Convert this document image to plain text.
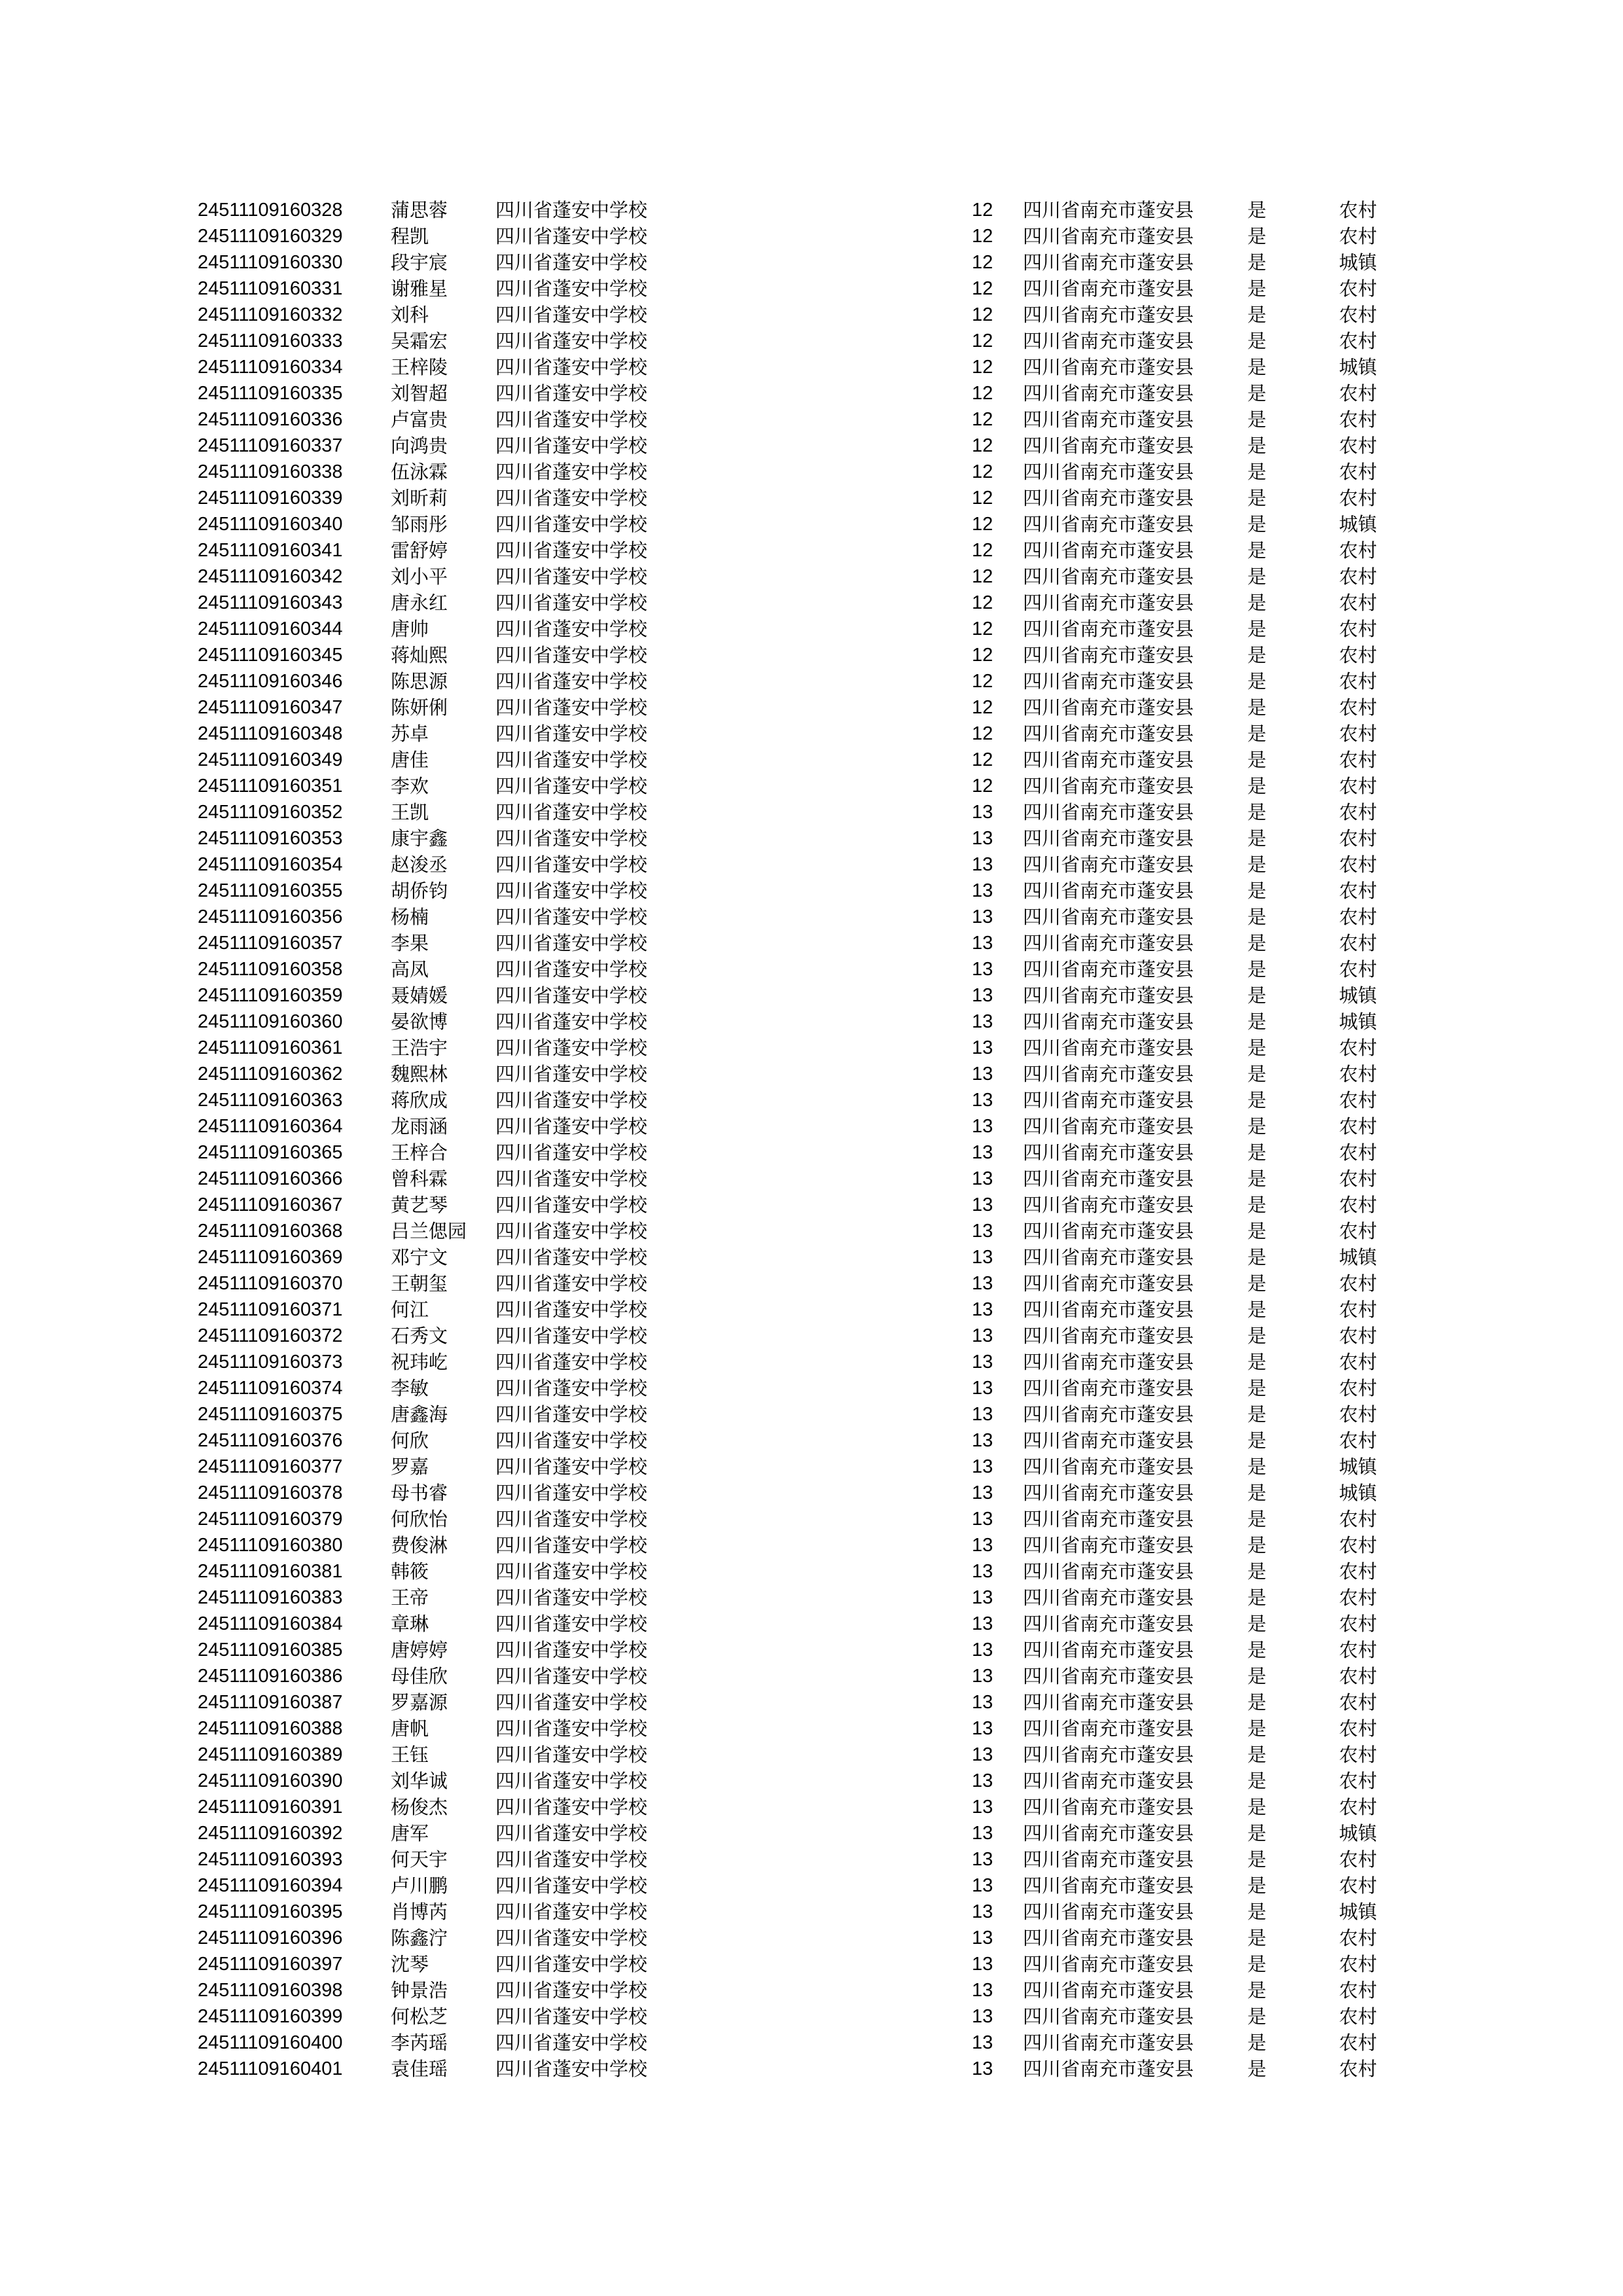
24511109160328	蒲思蓉	四川省蓬安中学校	12	四川省南充市蓬安县	是	农村
24511109160329	程凯	四川省蓬安中学校	12	四川省南充市蓬安县	是	农村
24511109160330	段宇宸	四川省蓬安中学校	12	四川省南充市蓬安县	是	城镇
24511109160331	谢雅星	四川省蓬安中学校	12	四川省南充市蓬安县	是	农村
24511109160332	刘科	四川省蓬安中学校	12	四川省南充市蓬安县	是	农村
24511109160333	吴霜宏	四川省蓬安中学校	12	四川省南充市蓬安县	是	农村
24511109160334	王梓陵	四川省蓬安中学校	12	四川省南充市蓬安县	是	城镇
24511109160335	刘智超	四川省蓬安中学校	12	四川省南充市蓬安县	是	农村
24511109160336	卢富贵	四川省蓬安中学校	12	四川省南充市蓬安县	是	农村
24511109160337	向鸿贵	四川省蓬安中学校	12	四川省南充市蓬安县	是	农村
24511109160338	伍泳霖	四川省蓬安中学校	12	四川省南充市蓬安县	是	农村
24511109160339	刘昕莉	四川省蓬安中学校	12	四川省南充市蓬安县	是	农村
24511109160340	邹雨彤	四川省蓬安中学校	12	四川省南充市蓬安县	是	城镇
24511109160341	雷舒婷	四川省蓬安中学校	12	四川省南充市蓬安县	是	农村
24511109160342	刘小平	四川省蓬安中学校	12	四川省南充市蓬安县	是	农村
24511109160343	唐永红	四川省蓬安中学校	12	四川省南充市蓬安县	是	农村
24511109160344	唐帅	四川省蓬安中学校	12	四川省南充市蓬安县	是	农村
24511109160345	蒋灿熙	四川省蓬安中学校	12	四川省南充市蓬安县	是	农村
24511109160346	陈思源	四川省蓬安中学校	12	四川省南充市蓬安县	是	农村
24511109160347	陈妍俐	四川省蓬安中学校	12	四川省南充市蓬安县	是	农村
24511109160348	苏卓	四川省蓬安中学校	12	四川省南充市蓬安县	是	农村
24511109160349	唐佳	四川省蓬安中学校	12	四川省南充市蓬安县	是	农村
24511109160351	李欢	四川省蓬安中学校	12	四川省南充市蓬安县	是	农村
24511109160352	王凯	四川省蓬安中学校	13	四川省南充市蓬安县	是	农村
24511109160353	康宇鑫	四川省蓬安中学校	13	四川省南充市蓬安县	是	农村
24511109160354	赵浚丞	四川省蓬安中学校	13	四川省南充市蓬安县	是	农村
24511109160355	胡侨钧	四川省蓬安中学校	13	四川省南充市蓬安县	是	农村
24511109160356	杨楠	四川省蓬安中学校	13	四川省南充市蓬安县	是	农村
24511109160357	李果	四川省蓬安中学校	13	四川省南充市蓬安县	是	农村
24511109160358	高凤	四川省蓬安中学校	13	四川省南充市蓬安县	是	农村
24511109160359	聂婧媛	四川省蓬安中学校	13	四川省南充市蓬安县	是	城镇
24511109160360	晏欲博	四川省蓬安中学校	13	四川省南充市蓬安县	是	城镇
24511109160361	王浩宇	四川省蓬安中学校	13	四川省南充市蓬安县	是	农村
24511109160362	魏熙林	四川省蓬安中学校	13	四川省南充市蓬安县	是	农村
24511109160363	蒋欣成	四川省蓬安中学校	13	四川省南充市蓬安县	是	农村
24511109160364	龙雨涵	四川省蓬安中学校	13	四川省南充市蓬安县	是	农村
24511109160365	王梓合	四川省蓬安中学校	13	四川省南充市蓬安县	是	农村
24511109160366	曾科霖	四川省蓬安中学校	13	四川省南充市蓬安县	是	农村
24511109160367	黄艺琴	四川省蓬安中学校	13	四川省南充市蓬安县	是	农村
24511109160368	吕兰偲园	四川省蓬安中学校	13	四川省南充市蓬安县	是	农村
24511109160369	邓宁文	四川省蓬安中学校	13	四川省南充市蓬安县	是	城镇
24511109160370	王朝玺	四川省蓬安中学校	13	四川省南充市蓬安县	是	农村
24511109160371	何江	四川省蓬安中学校	13	四川省南充市蓬安县	是	农村
24511109160372	石秀文	四川省蓬安中学校	13	四川省南充市蓬安县	是	农村
24511109160373	祝玮屹	四川省蓬安中学校	13	四川省南充市蓬安县	是	农村
24511109160374	李敏	四川省蓬安中学校	13	四川省南充市蓬安县	是	农村
24511109160375	唐鑫海	四川省蓬安中学校	13	四川省南充市蓬安县	是	农村
24511109160376	何欣	四川省蓬安中学校	13	四川省南充市蓬安县	是	农村
24511109160377	罗嘉	四川省蓬安中学校	13	四川省南充市蓬安县	是	城镇
24511109160378	母书睿	四川省蓬安中学校	13	四川省南充市蓬安县	是	城镇
24511109160379	何欣怡	四川省蓬安中学校	13	四川省南充市蓬安县	是	农村
24511109160380	费俊淋	四川省蓬安中学校	13	四川省南充市蓬安县	是	农村
24511109160381	韩筱	四川省蓬安中学校	13	四川省南充市蓬安县	是	农村
24511109160383	王帝	四川省蓬安中学校	13	四川省南充市蓬安县	是	农村
24511109160384	章琳	四川省蓬安中学校	13	四川省南充市蓬安县	是	农村
24511109160385	唐婷婷	四川省蓬安中学校	13	四川省南充市蓬安县	是	农村
24511109160386	母佳欣	四川省蓬安中学校	13	四川省南充市蓬安县	是	农村
24511109160387	罗嘉源	四川省蓬安中学校	13	四川省南充市蓬安县	是	农村
24511109160388	唐帆	四川省蓬安中学校	13	四川省南充市蓬安县	是	农村
24511109160389	王钰	四川省蓬安中学校	13	四川省南充市蓬安县	是	农村
24511109160390	刘华诚	四川省蓬安中学校	13	四川省南充市蓬安县	是	农村
24511109160391	杨俊杰	四川省蓬安中学校	13	四川省南充市蓬安县	是	农村
24511109160392	唐军	四川省蓬安中学校	13	四川省南充市蓬安县	是	城镇
24511109160393	何天宇	四川省蓬安中学校	13	四川省南充市蓬安县	是	农村
24511109160394	卢川鹏	四川省蓬安中学校	13	四川省南充市蓬安县	是	农村
24511109160395	肖博芮	四川省蓬安中学校	13	四川省南充市蓬安县	是	城镇
24511109160396	陈鑫泞	四川省蓬安中学校	13	四川省南充市蓬安县	是	农村
24511109160397	沈琴	四川省蓬安中学校	13	四川省南充市蓬安县	是	农村
24511109160398	钟景浩	四川省蓬安中学校	13	四川省南充市蓬安县	是	农村
24511109160399	何松芝	四川省蓬安中学校	13	四川省南充市蓬安县	是	农村
24511109160400	李芮瑶	四川省蓬安中学校	13	四川省南充市蓬安县	是	农村
24511109160401	袁佳瑶	四川省蓬安中学校	13	四川省南充市蓬安县	是	农村
